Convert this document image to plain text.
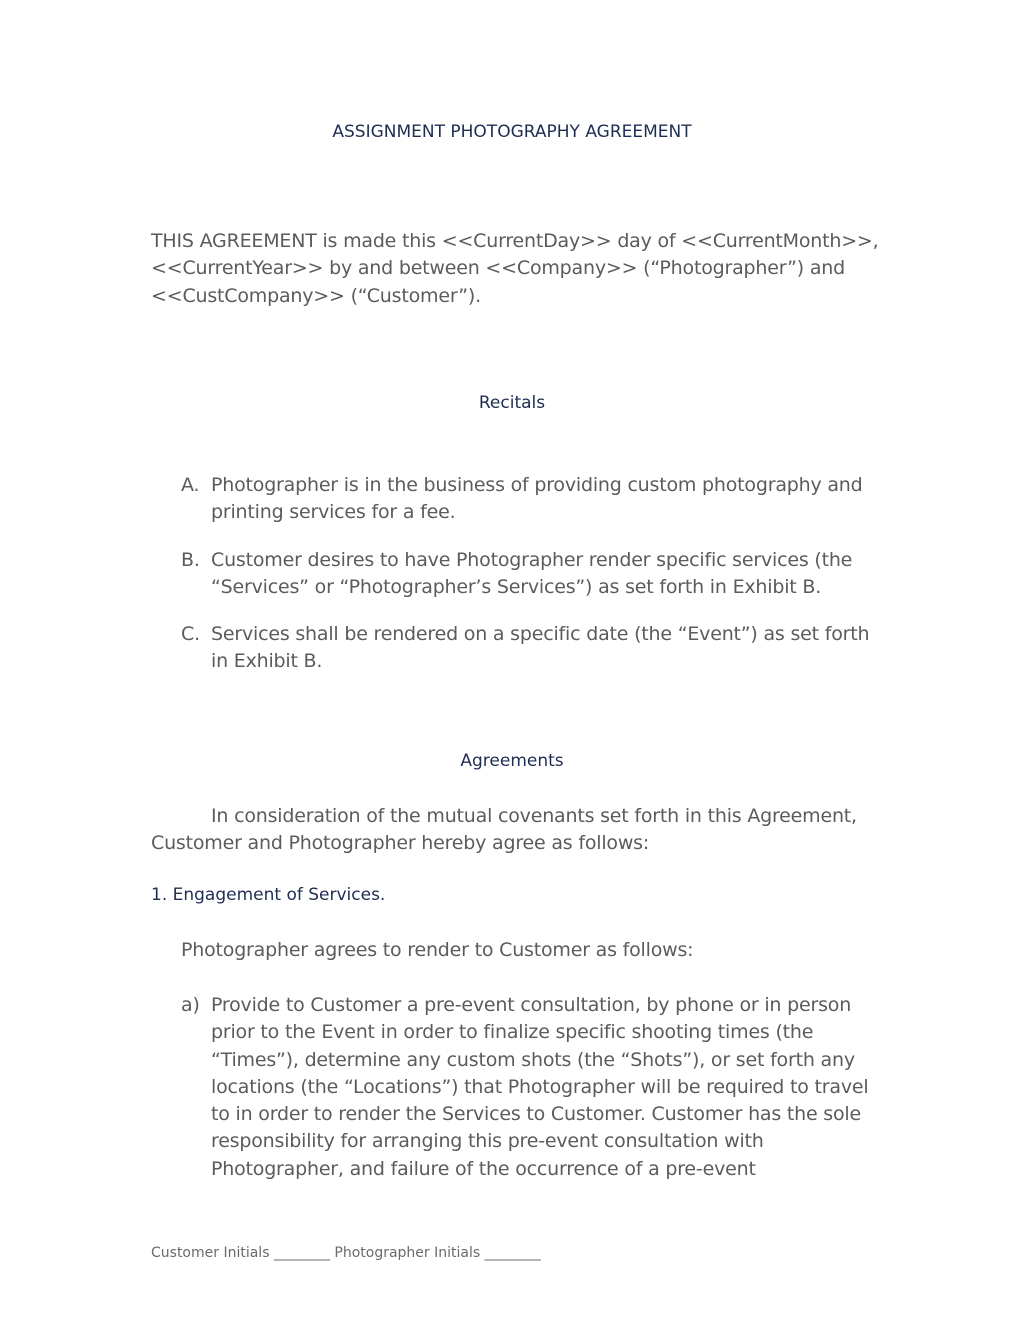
ASSIGNMENT PHOTOGRAPHY AGREEMENT
THIS AGREEMENT is made this <<CurrentDay>> day of <<CurrentMonth>>,
<<CurrentYear>> by and between <<Company>> (“Photographer”) and
<<CustCompany>> (“Customer”).
Recitals
A. Photographer is in the business of providing custom photography and
printing services for a fee.
B. Customer desires to have Photographer render specific services (the
“Services” or “Photographer’s Services”) as set forth in Exhibit B.
C. Services shall be rendered on a specific date (the “Event”) as set forth
in Exhibit B.
Agreements
In consideration of the mutual covenants set forth in this Agreement,
Customer and Photographer hereby agree as follows:
1. Engagement of Services.
Photographer agrees to render to Customer as follows:
a) Provide to Customer a pre-event consultation, by phone or in person
prior to the Event in order to finalize specific shooting times (the
“Times”), determine any custom shots (the “Shots”), or set forth any
locations (the “Locations”) that Photographer will be required to travel
to in order to render the Services to Customer. Customer has the sole
responsibility for arranging this pre-event consultation with
Photographer, and failure of the occurrence of a pre-event
Customer Initials ________ Photographer Initials ________
